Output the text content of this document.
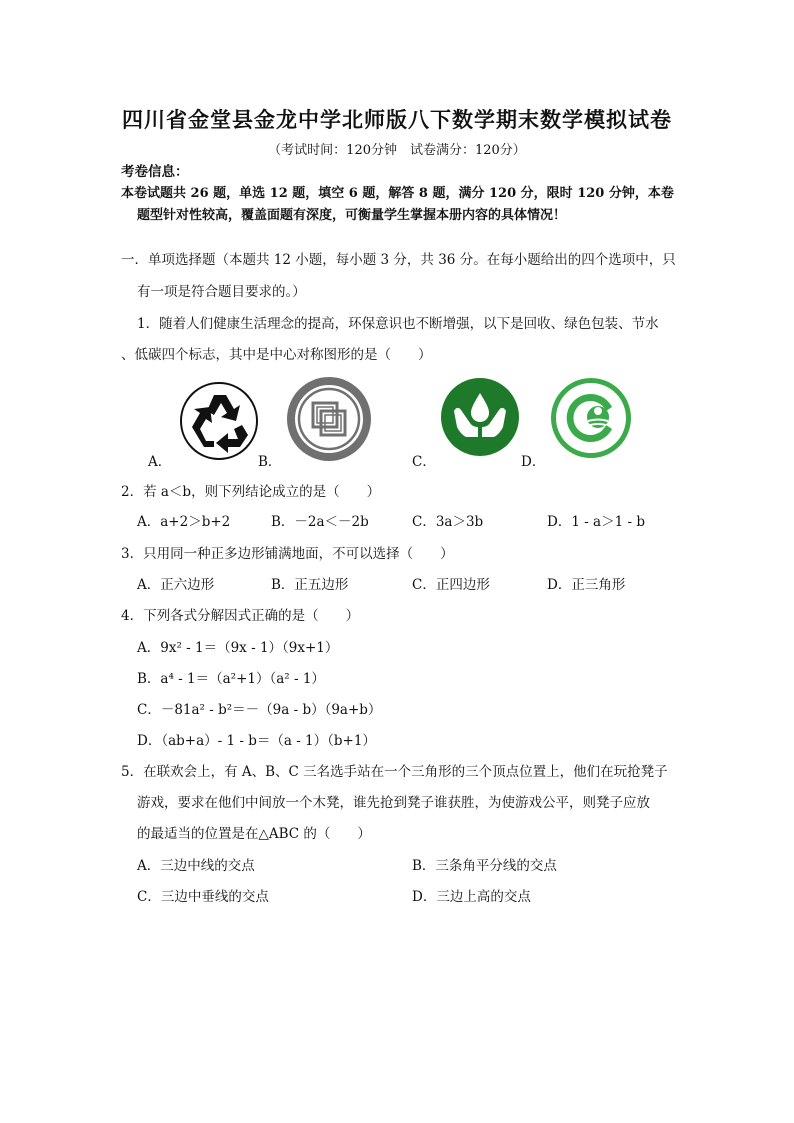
四川省金堂县金龙中学北师版八下数学期末数学模拟试卷
（考试时间：120分钟　试卷满分：120分）
考卷信息：
本卷试题共 26 题，单选 12 题，填空 6 题，解答 8 题，满分 120 分，限时 120 分钟，本卷
题型针对性较高，覆盖面题有深度，可衡量学生掌握本册内容的具体情况！
一．单项选择题（本题共 12 小题，每小题 3 分，共 36 分。在每小题给出的四个选项中，只
有一项是符合题目要求的。）
1．随着人们健康生活理念的提高，环保意识也不断增强，以下是回收、绿色包装、节水
、低碳四个标志，其中是中心对称图形的是（　　）
A．	B．	C．	D．
2．若 a＜b，则下列结论成立的是（　　）
A．a+2＞b+2	B．－2a＜－2b	C．3a＞3b	D．1 - a＞1 - b
3．只用同一种正多边形铺满地面，不可以选择（　　）
A．正六边形	B．正五边形	C．正四边形	D．正三角形
4．下列各式分解因式正确的是（　　）
A．9x² - 1＝（9x - 1）（9x+1）
B．a⁴ - 1＝（a²+1）（a² - 1）
C．－81a² - b²＝－（9a - b）（9a+b）
D．（ab+a）- 1 - b＝（a - 1）（b+1）
5．在联欢会上，有 A、B、C 三名选手站在一个三角形的三个顶点位置上，他们在玩抢凳子
游戏，要求在他们中间放一个木凳，谁先抢到凳子谁获胜，为使游戏公平，则凳子应放
的最适当的位置是在△ABC 的（　　）
A．三边中线的交点	B．三条角平分线的交点
C．三边中垂线的交点	D．三边上高的交点
